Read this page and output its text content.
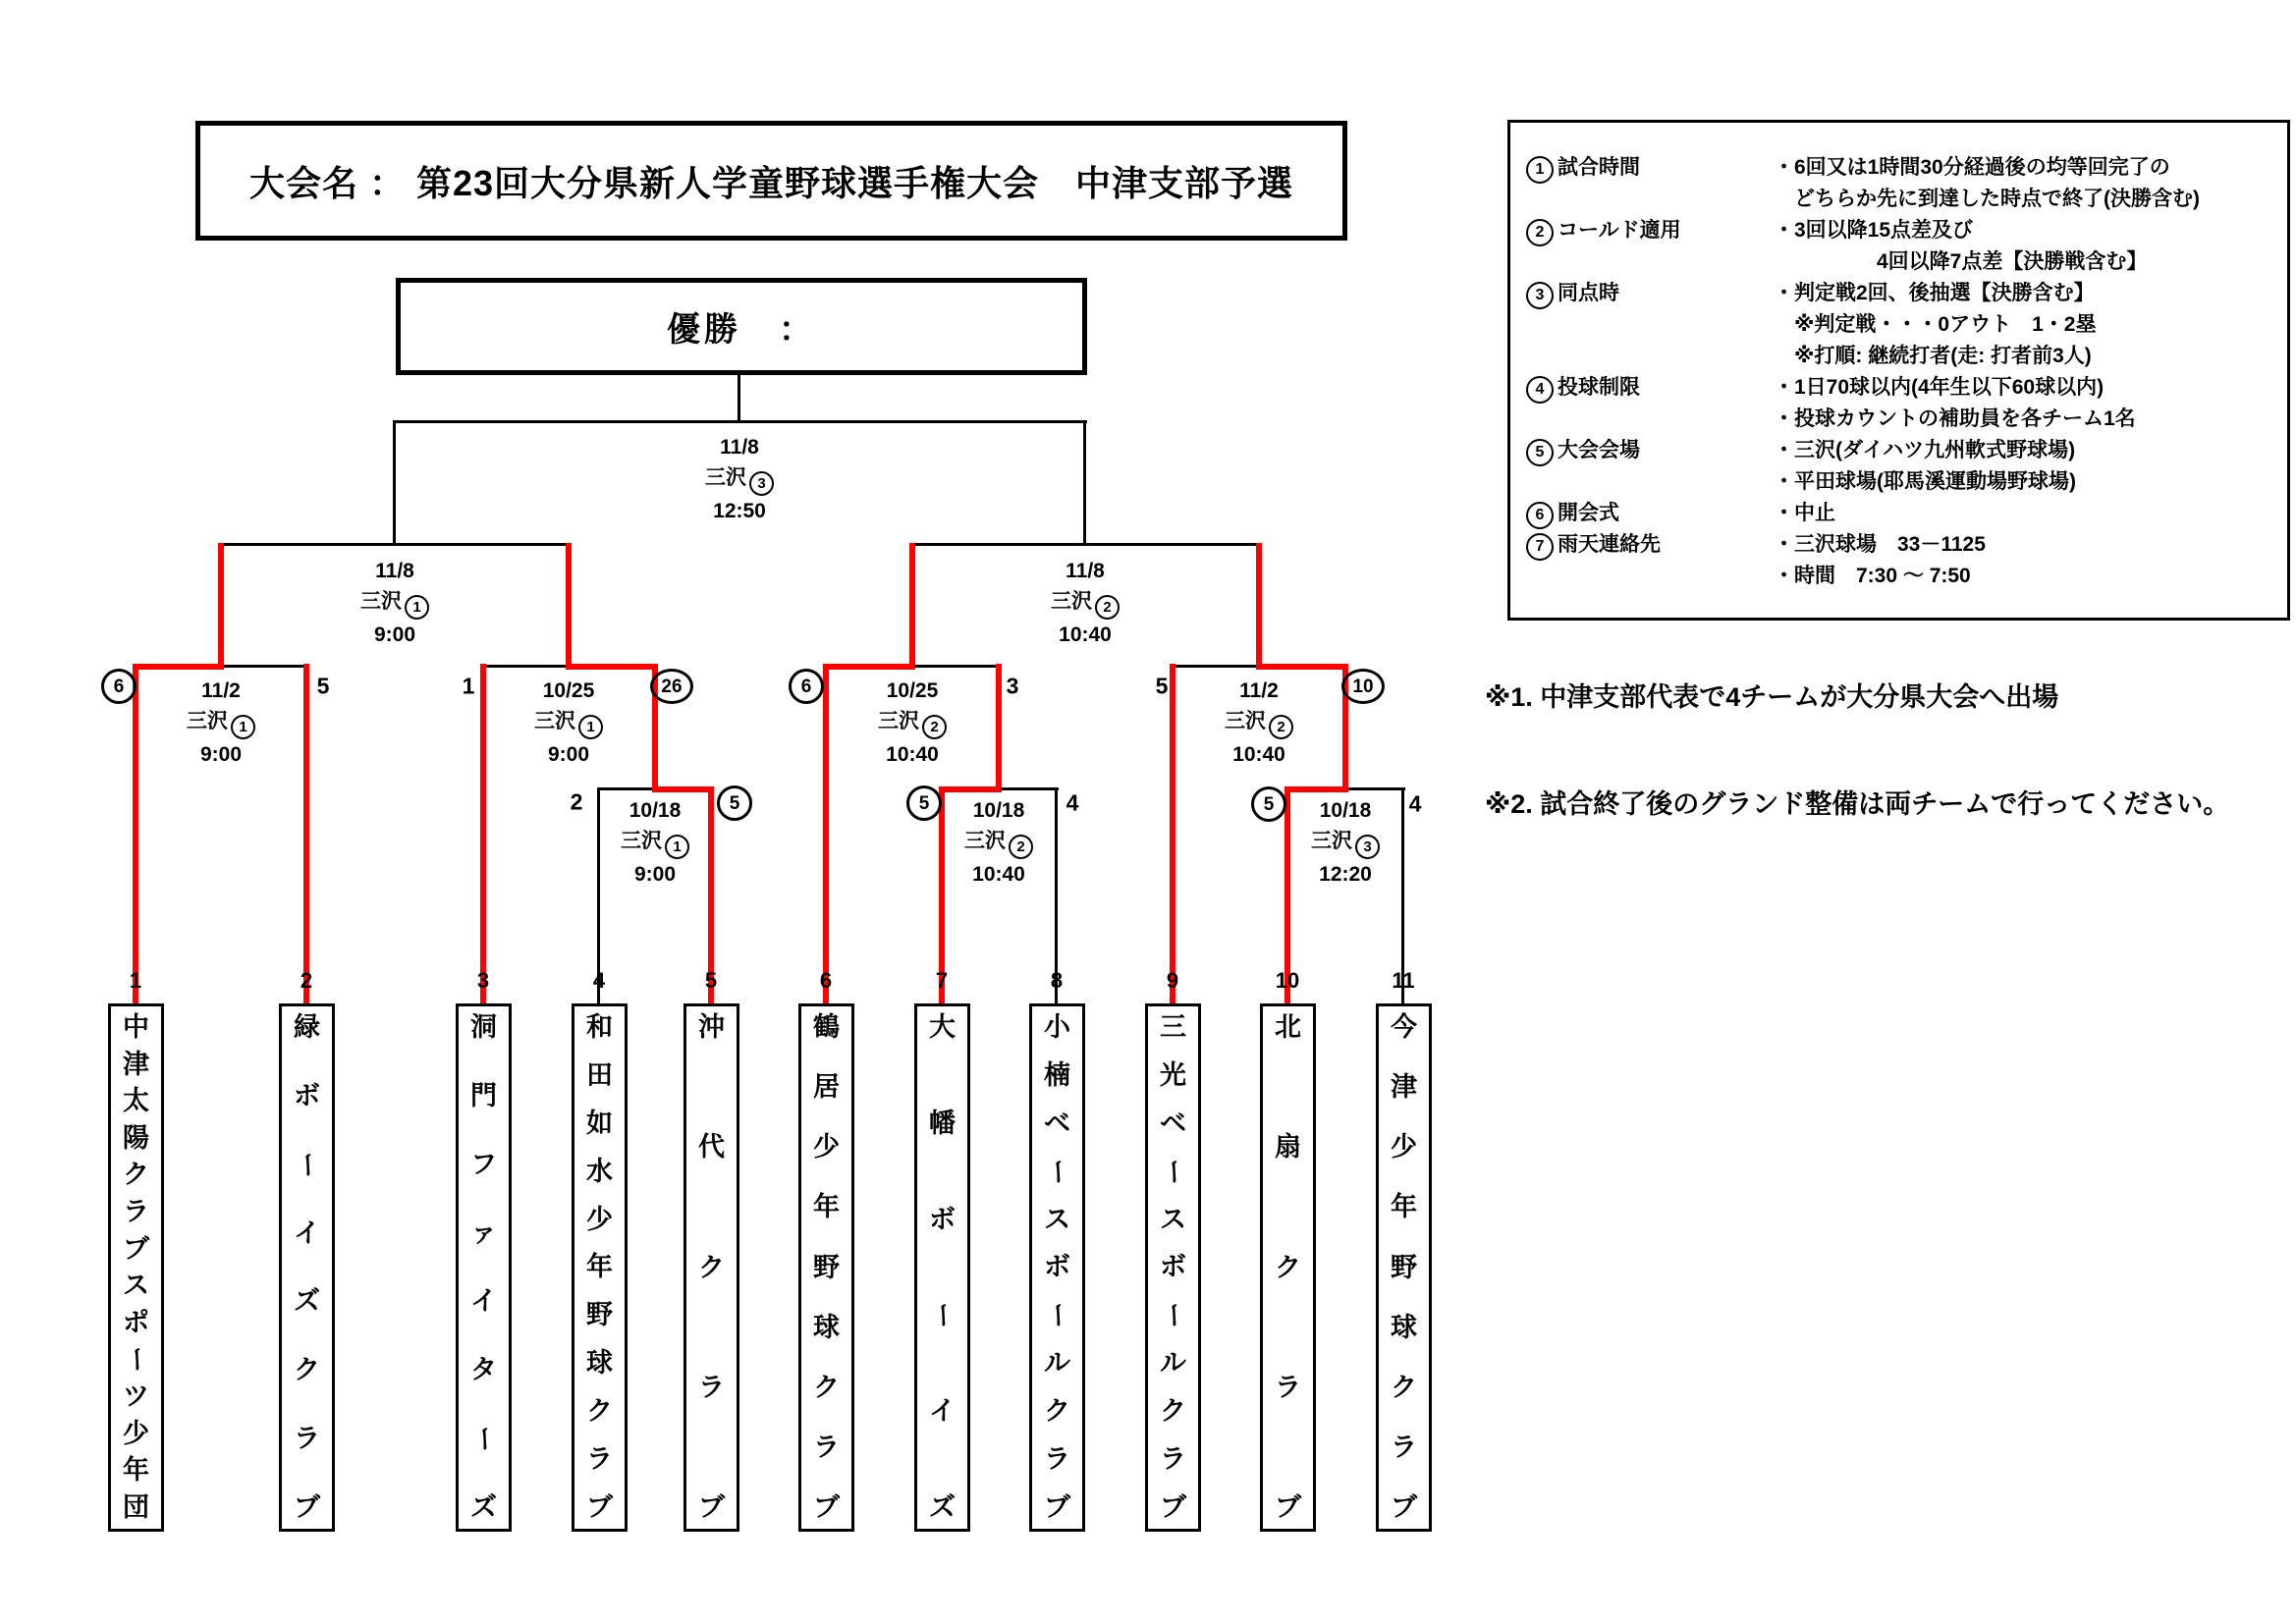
大会名 ： 第23回大分県新人学童野球選手権大会　中津支部予選
優勝　：
11/8
三沢 3
12:50
11/8
三沢 1
9:00
11/8
三沢 2
10:40
11/2
三沢 1
9:00
10/25
三沢 1
9:00
10/25
三沢 2
10:40
11/2
三沢 2
10:40
10/18
三沢 1
9:00
10/18
三沢 2
10:40
10/18
三沢 3
12:20
6	5	1	26	6	3	5	10
2	5	5	4	5	4
1	2	3	4	5	6	7	8	9	10	11
中
津
太
陽
ク
ラ
ブ
ス
ポ
ー
ツ
少
年
団
緑
ボ
ー
イ
ズ
ク
ラ
ブ
洞
門
フ
ァ
イ
タ
ー
ズ
和
田
如
水
少
年
野
球
ク
ラ
ブ
沖
代
ク
ラ
ブ
鶴
居
少
年
野
球
ク
ラ
ブ
大
幡
ボ
ー
イ
ズ
小
楠
ベ
ー
ス
ボ
ー
ル
ク
ラ
ブ
三
光
ベ
ー
ス
ボ
ー
ル
ク
ラ
ブ
北
扇
ク
ラ
ブ
今
津
少
年
野
球
ク
ラ
ブ
1 試合時間	・6回又は1時間30分経過後の均等回完了の
　どちらか先に到達した時点で終了(決勝含む)
2 コールド適用	・3回以降15点差及び
　　　　　4回以降7点差【決勝戦含む】
3 同点時	・判定戦2回、後抽選【決勝含む】
　※判定戦・・・0アウト　1・2塁
　※打順: 継続打者(走: 打者前3人)
4 投球制限	・1日70球以内(4年生以下60球以内)
・投球カウントの補助員を各チーム1名
5 大会会場	・三沢(ダイハツ九州軟式野球場)
・平田球場(耶馬溪運動場野球場)
6 開会式	・中止
7 雨天連絡先	・三沢球場　33－1125
・時間　7:30 ～ 7:50
※1. 中津支部代表で4チームが大分県大会へ出場
※2. 試合終了後のグランド整備は両チームで行ってください。
